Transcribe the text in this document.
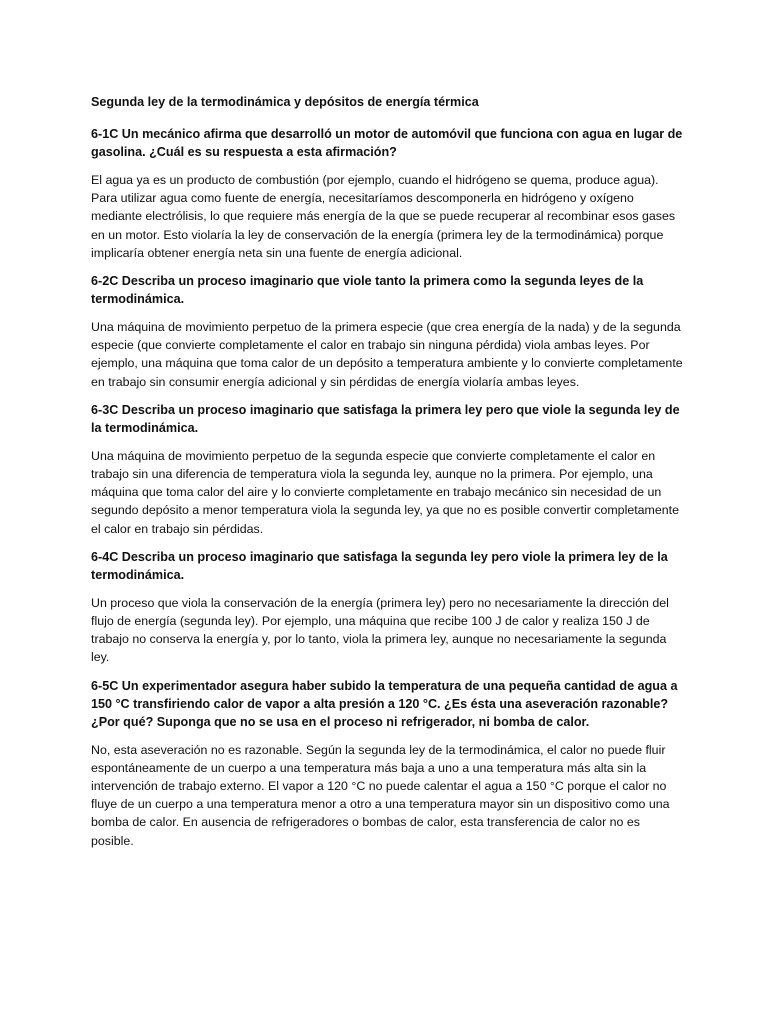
Segunda ley de la termodinámica y depósitos de energía térmica

6-1C Un mecánico afirma que desarrolló un motor de automóvil que funciona con agua en lugar de gasolina. ¿Cuál es su respuesta a esta afirmación?

El agua ya es un producto de combustión (por ejemplo, cuando el hidrógeno se quema, produce agua). Para utilizar agua como fuente de energía, necesitaríamos descomponerla en hidrógeno y oxígeno mediante electrólisis, lo que requiere más energía de la que se puede recuperar al recombinar esos gases en un motor. Esto violaría la ley de conservación de la energía (primera ley de la termodinámica) porque implicaría obtener energía neta sin una fuente de energía adicional.

6-2C Describa un proceso imaginario que viole tanto la primera como la segunda leyes de la termodinámica.

Una máquina de movimiento perpetuo de la primera especie (que crea energía de la nada) y de la segunda especie (que convierte completamente el calor en trabajo sin ninguna pérdida) viola ambas leyes. Por ejemplo, una máquina que toma calor de un depósito a temperatura ambiente y lo convierte completamente en trabajo sin consumir energía adicional y sin pérdidas de energía violaría ambas leyes.

6-3C Describa un proceso imaginario que satisfaga la primera ley pero que viole la segunda ley de la termodinámica.

Una máquina de movimiento perpetuo de la segunda especie que convierte completamente el calor en trabajo sin una diferencia de temperatura viola la segunda ley, aunque no la primera. Por ejemplo, una máquina que toma calor del aire y lo convierte completamente en trabajo mecánico sin necesidad de un segundo depósito a menor temperatura viola la segunda ley, ya que no es posible convertir completamente el calor en trabajo sin pérdidas.

6-4C Describa un proceso imaginario que satisfaga la segunda ley pero viole la primera ley de la termodinámica.

Un proceso que viola la conservación de la energía (primera ley) pero no necesariamente la dirección del flujo de energía (segunda ley). Por ejemplo, una máquina que recibe 100 J de calor y realiza 150 J de trabajo no conserva la energía y, por lo tanto, viola la primera ley, aunque no necesariamente la segunda ley.

6-5C Un experimentador asegura haber subido la temperatura de una pequeña cantidad de agua a 150 °C transfiriendo calor de vapor a alta presión a 120 °C. ¿Es ésta una aseveración razonable? ¿Por qué? Suponga que no se usa en el proceso ni refrigerador, ni bomba de calor.

No, esta aseveración no es razonable. Según la segunda ley de la termodinámica, el calor no puede fluir espontáneamente de un cuerpo a una temperatura más baja a uno a una temperatura más alta sin la intervención de trabajo externo. El vapor a 120 °C no puede calentar el agua a 150 °C porque el calor no fluye de un cuerpo a una temperatura menor a otro a una temperatura mayor sin un dispositivo como una bomba de calor. En ausencia de refrigeradores o bombas de calor, esta transferencia de calor no es posible.
